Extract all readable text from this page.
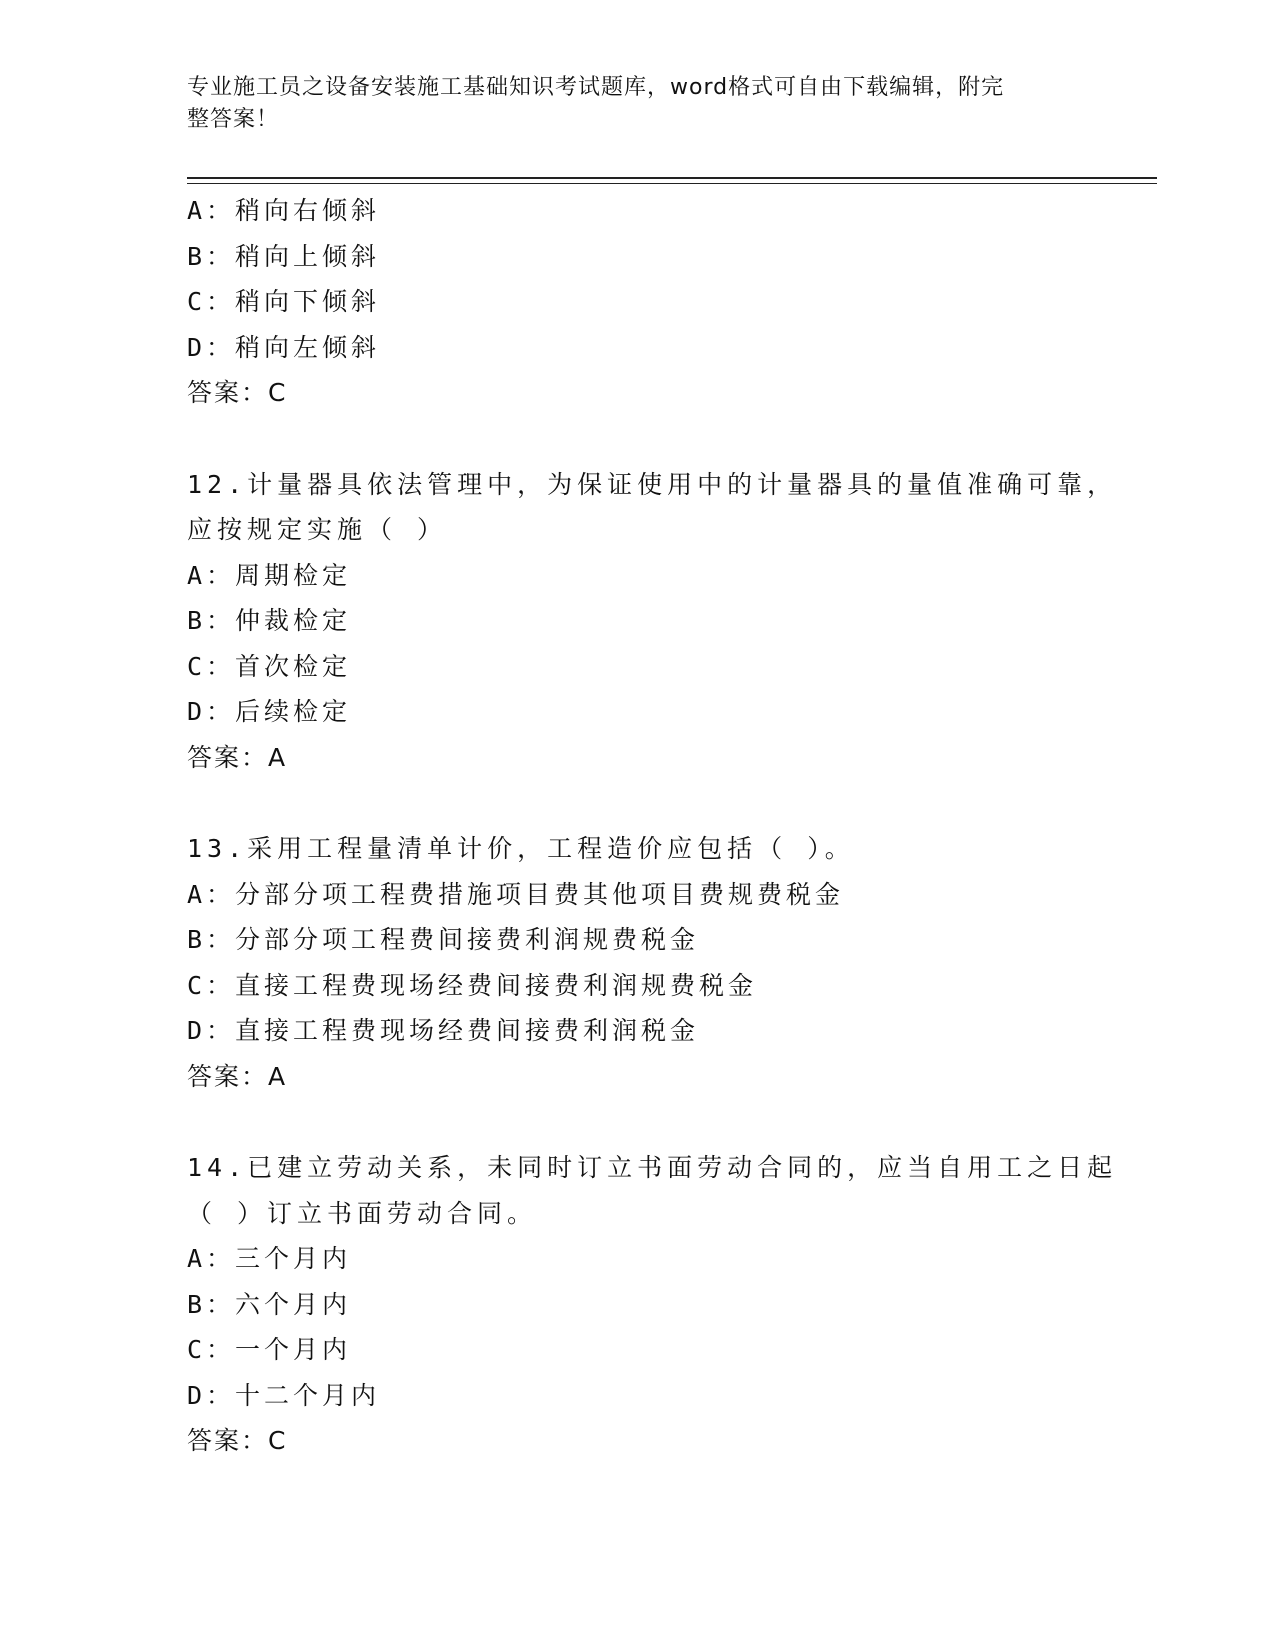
专业施工员之设备安装施工基础知识考试题库，word格式可自由下载编辑，附完
整答案！
A：稍向右倾斜
B：稍向上倾斜
C：稍向下倾斜
D：稍向左倾斜
答案：C
12.计量器具依法管理中，为保证使用中的计量器具的量值准确可靠，
应按规定实施（ ）
A：周期检定
B：仲裁检定
C：首次检定
D：后续检定
答案：A
13.采用工程量清单计价，工程造价应包括（ ）。
A：分部分项工程费措施项目费其他项目费规费税金
B：分部分项工程费间接费利润规费税金
C：直接工程费现场经费间接费利润规费税金
D：直接工程费现场经费间接费利润税金
答案：A
14.已建立劳动关系，未同时订立书面劳动合同的，应当自用工之日起
（ ）订立书面劳动合同。
A：三个月内
B：六个月内
C：一个月内
D：十二个月内
答案：C
